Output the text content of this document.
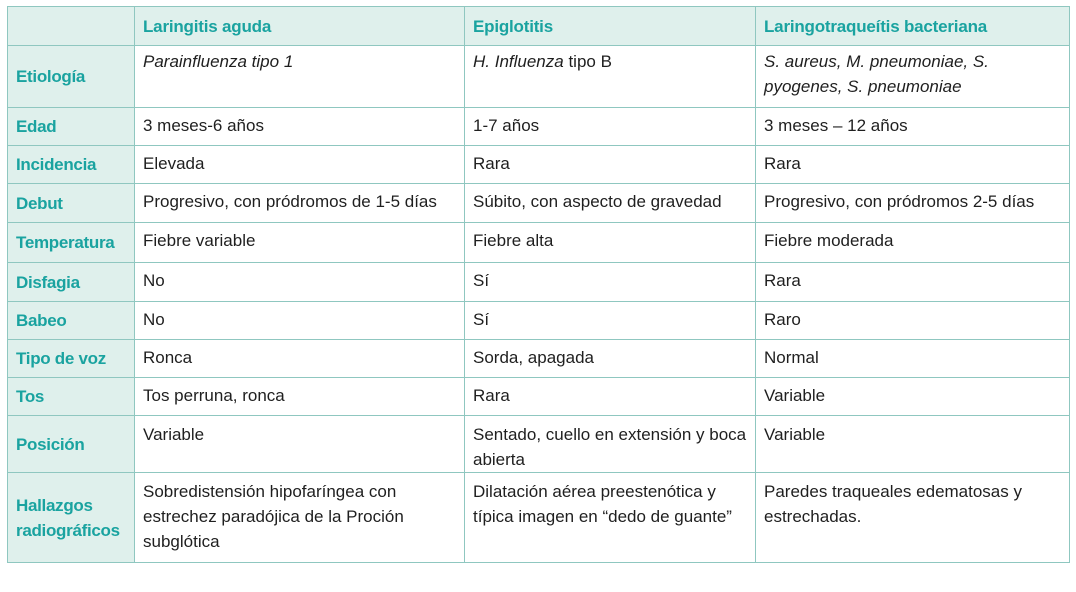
	Laringitis aguda	Epiglotitis	Laringotraqueítis bacteriana
Etiología	Parainfluenza tipo 1	H. Influenza tipo B	S. aureus, M. pneumoniae, S. pyogenes, S. pneumoniae
Edad	3 meses-6 años	1-7 años	3 meses – 12 años
Incidencia	Elevada	Rara	Rara
Debut	Progresivo, con pródromos de 1-5 días	Súbito, con aspecto de gravedad	Progresivo, con pródromos 2-5 días
Temperatura	Fiebre variable	Fiebre alta	Fiebre moderada
Disfagia	No	Sí	Rara
Babeo	No	Sí	Raro
Tipo de voz	Ronca	Sorda, apagada	Normal
Tos	Tos perruna, ronca	Rara	Variable
Posición	Variable	Sentado, cuello en extensión y boca abierta	Variable
Hallazgos radiográficos	Sobredistensión hipofaríngea con estrechez paradójica de la Proción subglótica	Dilatación aérea preestenótica y típica imagen en “dedo de guante”	Paredes traqueales edematosas y estrechadas.
